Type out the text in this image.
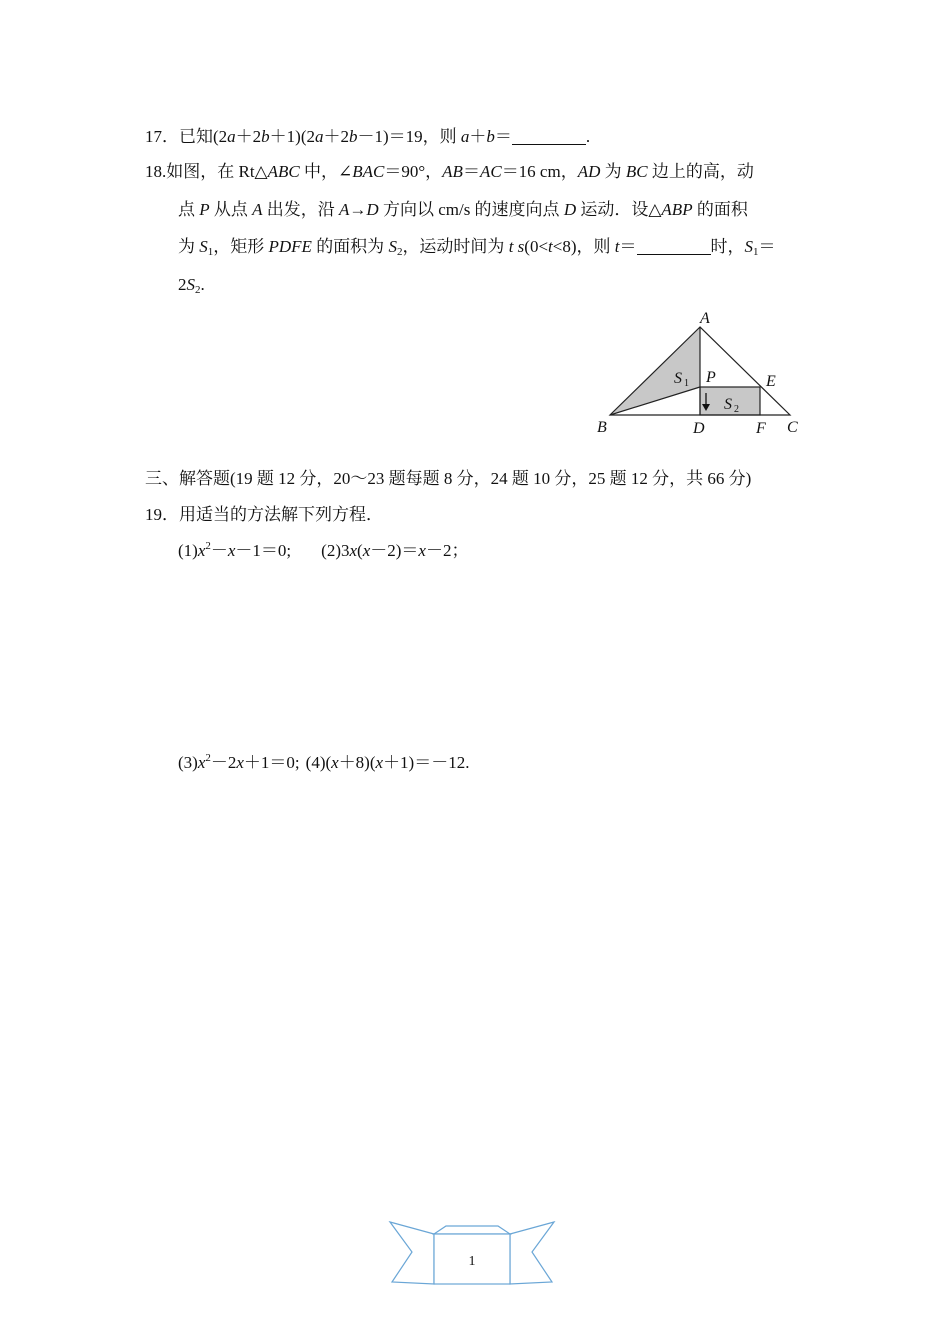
17．已知(2a＋2b＋1)(2a＋2b－1)＝19，则 a＋b＝	.
18.如图，在 Rt△ABC 中，∠BAC＝90°，AB＝AC＝16 cm，AD 为 BC 边上的高，动
点 P 从点 A 出发，沿 A→D 方向以 cm/s 的速度向点 D 运动．设△ABP 的面积
为 $S_1$，矩形 PDFE 的面积为 $S_2$，运动时间为 t s(0<t<8)，则 t＝	时，$S_1=$
$2S_2$.
A
B	C
D
E
F
P
S
S
1
2
三、解答题(19 题 12 分，20～23 题每题 8 分，24 题 10 分，25 题 12 分，共 66 分)
19．用适当的方法解下列方程．
$(1)x^2-x-1=0$; (2)3x(x－2)＝x－2；
$(3)x^2-2x+1=0$; (4)(x＋8)(x＋1)＝－12.
1
